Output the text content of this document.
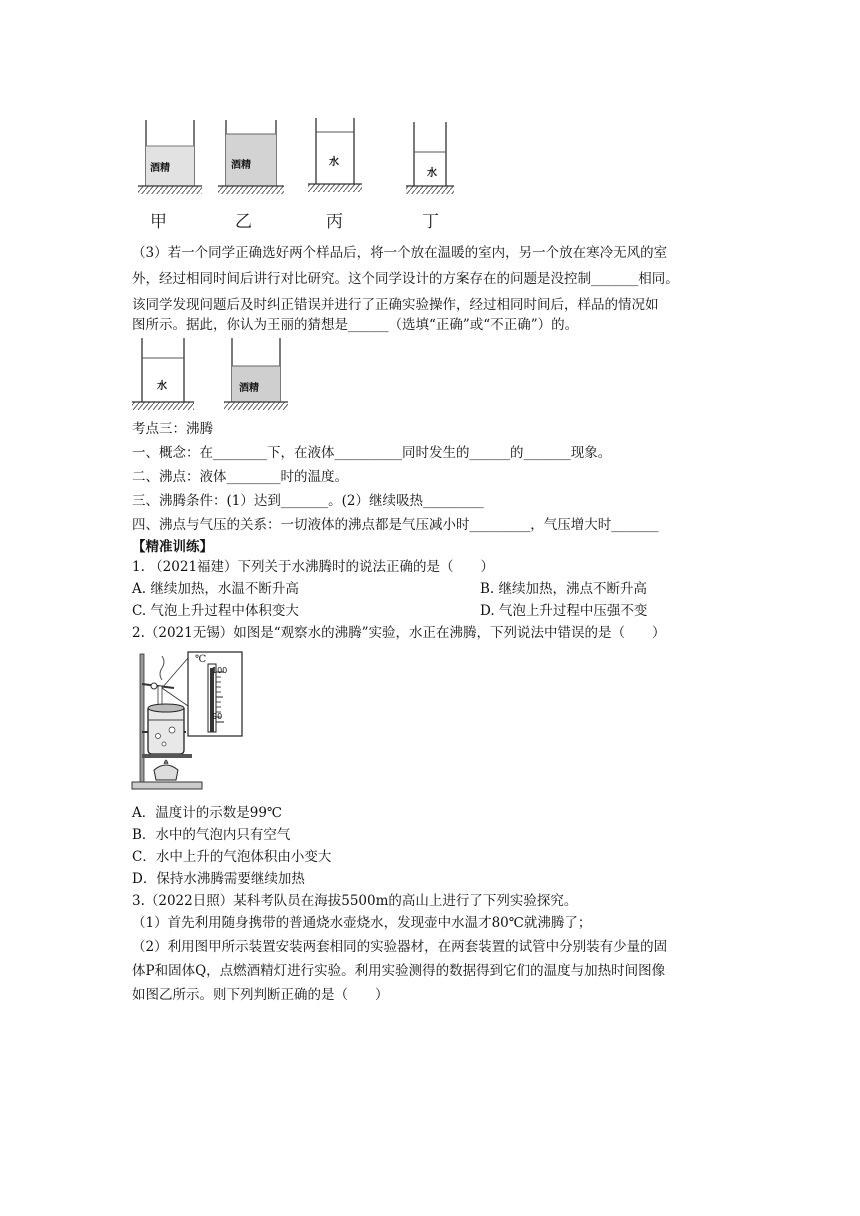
酒精	酒精	水
水
甲	乙	丙	丁
（3）若一个同学正确选好两个样品后，将一个放在温暖的室内，另一个放在寒冷无风的室
外，经过相同时间后讲行对比研究。这个同学设计的方案存在的问题是没控制_______相同。
该同学发现问题后及时纠正错误并进行了正确实验操作，经过相同时间后，样品的情况如
图所示。据此，你认为王丽的猜想是______（选填“正确”或“不正确”）的。
水	酒精
考点三：沸腾
一、概念：在________下，在液体__________同时发生的______的_______现象。
二、沸点：液体________时的温度。
三、沸腾条件：(1）达到_______。(2）继续吸热_________
四、沸点与气压的关系：一切液体的沸点都是气压减小时_________，气压增大时_______
【精准训练】
1. （2021福建）下列关于水沸腾时的说法正确的是（　　）
A. 继续加热，水温不断升高	B. 继续加热，沸点不断升高
C. 气泡上升过程中体积变大	D. 气泡上升过程中压强不变
2.（2021无锡）如图是“观察水的沸腾”实验，水正在沸腾，下列说法中错误的是（　　）
℃
100
90
A．温度计的示数是99℃
B．水中的气泡内只有空气
C．水中上升的气泡体积由小变大
D．保持水沸腾需要继续加热
3.（2022日照）某科考队员在海拔5500m的高山上进行了下列实验探究。
（1）首先利用随身携带的普通烧水壶烧水，发现壶中水温才80℃就沸腾了；
（2）利用图甲所示装置安装两套相同的实验器材，在两套装置的试管中分别装有少量的固
体P和固体Q，点燃酒精灯进行实验。利用实验测得的数据得到它们的温度与加热时间图像
如图乙所示。则下列判断正确的是（　　）
